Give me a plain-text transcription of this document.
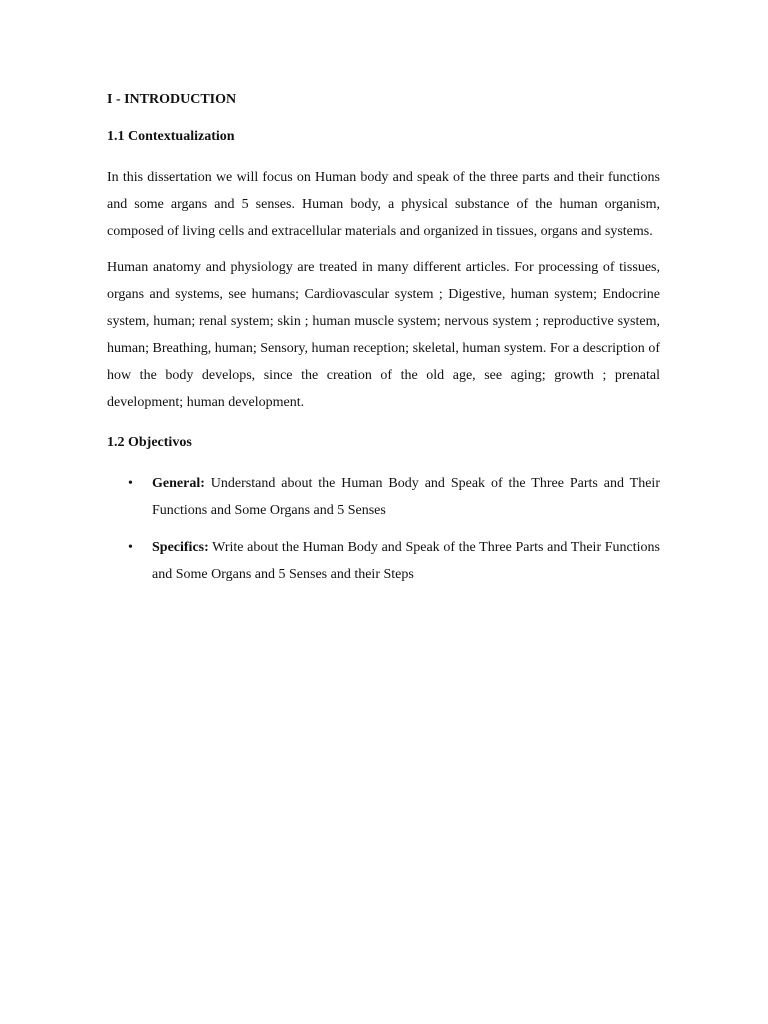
I - INTRODUCTION
1.1 Contextualization

In this dissertation we will focus on Human body and speak of the three parts and their functions and some argans and 5 senses. Human body, a physical substance of the human organism, composed of living cells and extracellular materials and organized in tissues, organs and systems.

Human anatomy and physiology are treated in many different articles. For processing of tissues, organs and systems, see humans; Cardiovascular system ; Digestive, human system; Endocrine system, human; renal system; skin ; human muscle system; nervous system ; reproductive system, human; Breathing, human; Sensory, human reception; skeletal, human system. For a description of how the body develops, since the creation of the old age, see aging; growth ; prenatal development; human development.

1.2 Objectivos
• General: Understand about the Human Body and Speak of the Three Parts and Their Functions and Some Organs and 5 Senses
• Specifics: Write about the Human Body and Speak of the Three Parts and Their Functions and Some Organs and 5 Senses and their Steps
